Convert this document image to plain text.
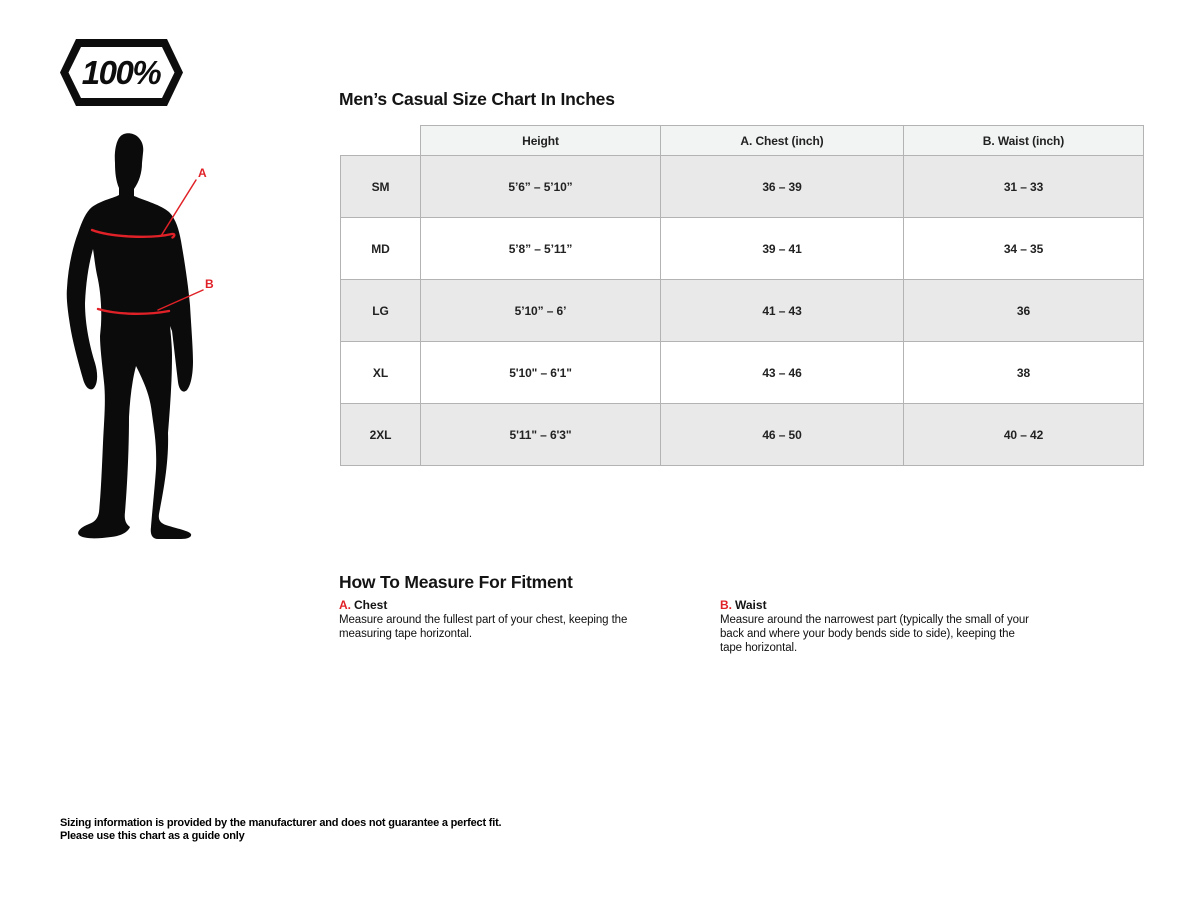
100%
A
B
Men’s Casual Size Chart In Inches
	Height	A. Chest (inch)	B. Waist (inch)
SM	5’6” – 5’10”	36 – 39	31 – 33
MD	5’8” – 5’11”	39 – 41	34 – 35
LG	5’10” – 6’	41 – 43	36
XL	5'10" – 6'1"	43 – 46	38
2XL	5'11" – 6'3"	46 – 50	40 – 42
How To Measure For Fitment
A. Chest

Measure around the fullest part of your chest, keeping the measuring tape horizontal.

B. Waist

Measure around the narrowest part (typically the small of your back and where your body bends side to side), keeping the tape horizontal.

Sizing information is provided by the manufacturer and does not guarantee a perfect fit.
Please use this chart as a guide only
